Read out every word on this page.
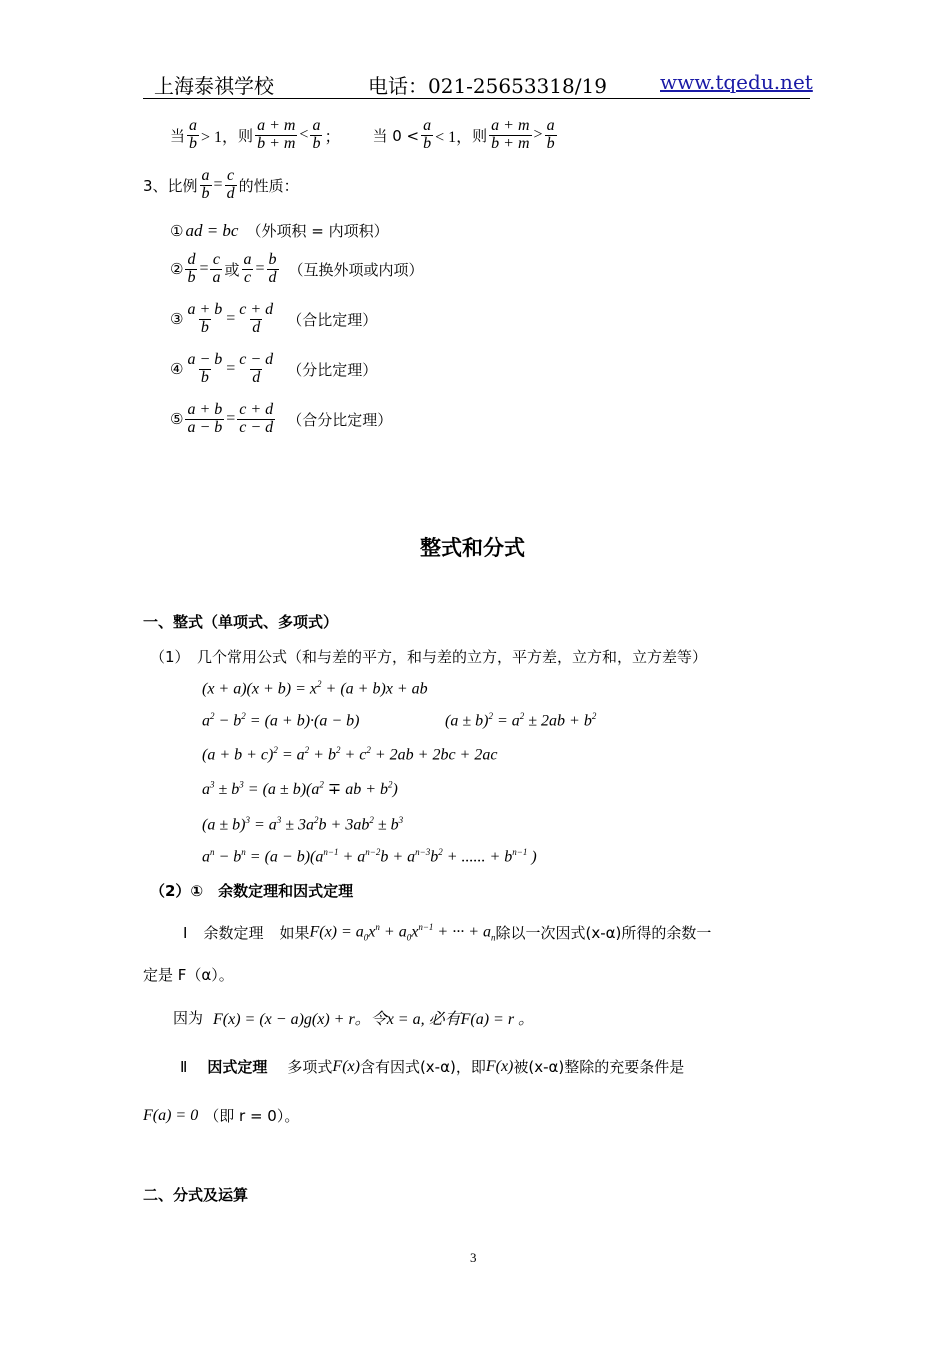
上海泰祺学校	电话：021-25653318/19	www.tqedu.net
当 $\frac{a}{b} > 1$， 则 $\frac{a + m}{b + m} < \frac{a}{b}$ ； 当 $0 < \frac{a}{b} < 1$， 则 $\frac{a + m}{b + m} > \frac{a}{b}$
3、比例 $\frac{a}{b} = \frac{c}{d}$ 的性质：
① ad = bc （外项积 = 内项积）
② $\frac{d}{b} = \frac{c}{a}$ 或 $\frac{a}{c} = \frac{b}{d}$ （互换外项或内项）
③ $\frac{a + b}{b} = \frac{c + d}{d}$ （合比定理）
④ $\frac{a - b}{b} = \frac{c - d}{d}$ （分比定理）
⑤ $\frac{a + b}{a - b} = \frac{c + d}{c - d}$ （合分比定理）
整式和分式
一、整式（单项式、多项式）
（1）　几个常用公式（和与差的平方，和与差的立方，平方差，立方和，立方差等）
$(x + a)(x + b) = x^2 + (a + b)x$ + ab
$a^2 - b^2 = (a + b)\cdot(a - b)$	$(a \pm b)^2 = a^2 \pm 2ab + b^2$
$(a + b + c)^2 = a^2 + b^2 + c^2 + 2ab + 2bc + 2ac$
$a^3 \pm b^3 = (a \pm b)(a^2$ ∓ ab + $b^2$)
$(a \pm b)^3 = a^3 \pm 3a^2b + 3ab^2 \pm b^3$
$a^n - b^n = (a - b)(a^{n-1} + a^{n-2}b + a^{n-3}b^2$ + ...... + $b^{n-1}$ )
（2）①　余数定理和因式定理
Ⅰ 余数定理 如果 $F(x) = a_0x^n + a_0x^{n-1}$ + ··· + $a_n$ 除以一次因式(x-α)所得的余数一
定是 F（α）。
因为 F(x) = (x − a)g(x) + r。 令x = a, 必有F(a) = r 。
Ⅱ 因式定理 多项式 F(x) 含有因式(x-α)，即 F(x) 被(x-α)整除的充要条件是
F(a) = 0 （即 r = 0）。
二、分式及运算
3
